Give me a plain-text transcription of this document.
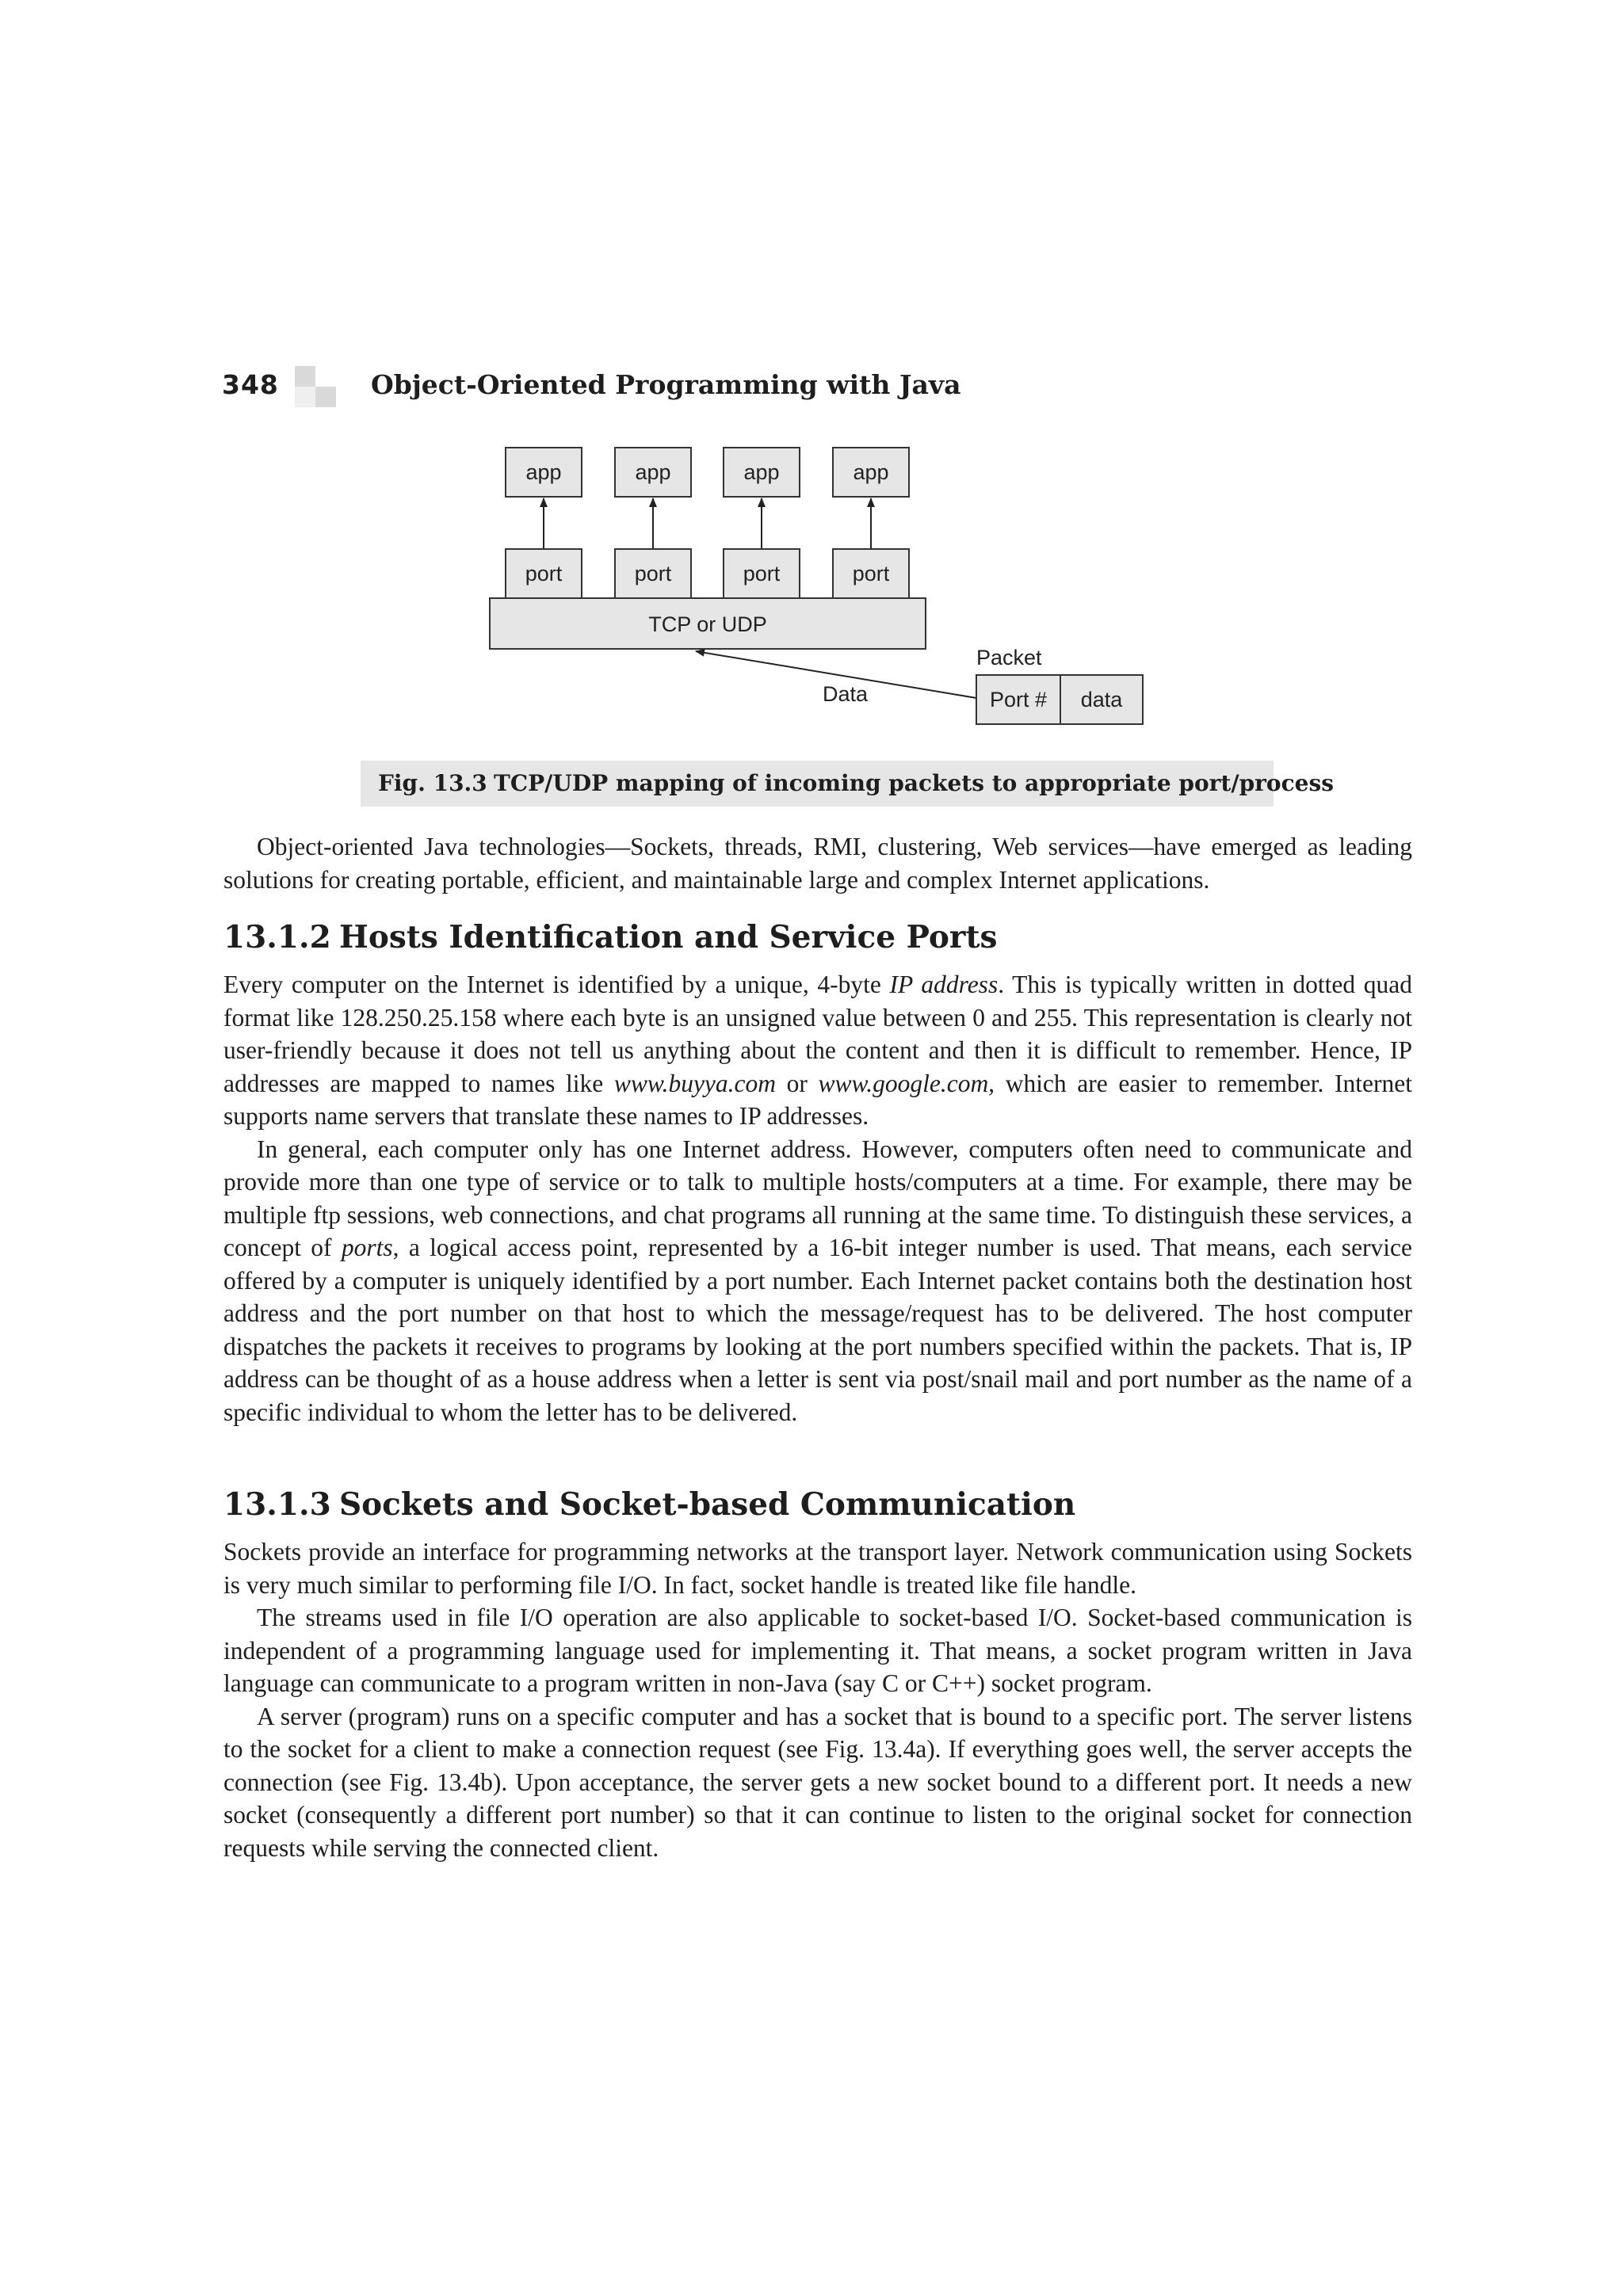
348	Object-Oriented Programming with Java
app	app	app	app
port	port	port	port
TCP or UDP
Packet
Data	Port # data
Fig. 13.3 TCP/UDP mapping of incoming packets to appropriate port/process

Object-oriented Java technologies—Sockets, threads, RMI, clustering, Web services—have emerged as leading solutions for creating portable, efficient, and maintainable large and complex Internet applications.

13.1.2 Hosts Identification and Service Ports

Every computer on the Internet is identified by a unique, 4-byte IP address. This is typically written in dotted quad format like 128.250.25.158 where each byte is an unsigned value between 0 and 255. This representation is clearly not user-friendly because it does not tell us anything about the content and then it is difficult to remember. Hence, IP addresses are mapped to names like www.buyya.com or www.google.com, which are easier to remember. Internet supports name servers that translate these names to IP addresses.

In general, each computer only has one Internet address. However, computers often need to communicate and provide more than one type of service or to talk to multiple hosts/computers at a time. For example, there may be multiple ftp sessions, web connections, and chat programs all running at the same time. To distinguish these services, a concept of ports, a logical access point, represented by a 16-bit integer number is used. That means, each service offered by a computer is uniquely identified by a port number. Each Internet packet contains both the destination host address and the port number on that host to which the message/request has to be delivered. The host computer dispatches the packets it receives to programs by looking at the port numbers specified within the packets. That is, IP address can be thought of as a house address when a letter is sent via post/snail mail and port number as the name of a specific individual to whom the letter has to be delivered.

13.1.3 Sockets and Socket-based Communication

Sockets provide an interface for programming networks at the transport layer. Network communication using Sockets is very much similar to performing file I/O. In fact, socket handle is treated like file handle.

The streams used in file I/O operation are also applicable to socket-based I/O. Socket-based communication is independent of a programming language used for implementing it. That means, a socket program written in Java language can communicate to a program written in non-Java (say C or C++) socket program.

A server (program) runs on a specific computer and has a socket that is bound to a specific port. The server listens to the socket for a client to make a connection request (see Fig. 13.4a). If everything goes well, the server accepts the connection (see Fig. 13.4b). Upon acceptance, the server gets a new socket bound to a different port. It needs a new socket (consequently a different port number) so that it can continue to listen to the original socket for connection requests while serving the connected client.
